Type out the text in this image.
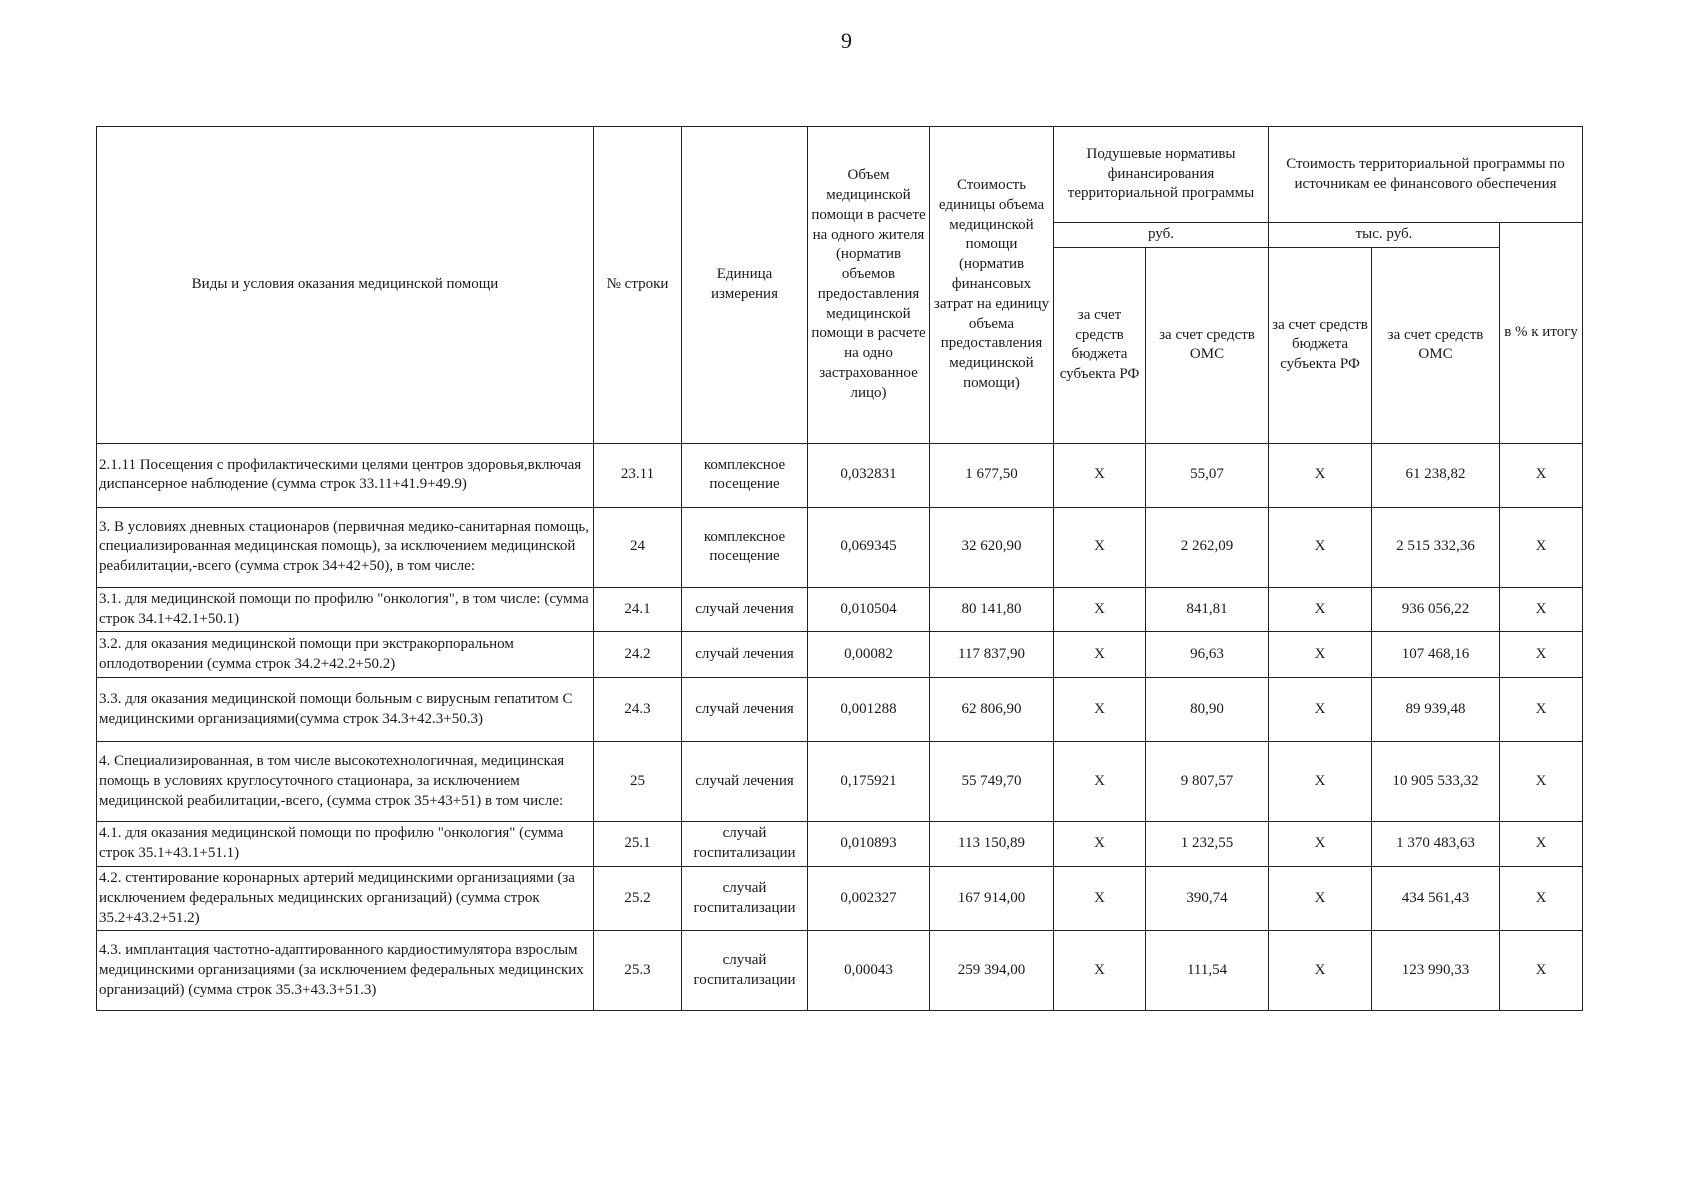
9
Виды и условия оказания медицинской помощи	№ строки	Единица измерения	Объем медицинской помощи в расчете на одного жителя (норматив объемов предоставления медицинской помощи в расчете на одно застрахованное лицо)	Стоимость единицы объема медицинской помощи (норматив финансовых затрат на единицу объема предоставления медицинской помощи)	Подушевые нормативы финансирования территориальной программы		Стоимость территориальной программы по источникам ее финансового обеспечения		
					руб.		тыс. руб.		в % к итогу
					за счет средств бюджета субъекта РФ	за счет средств ОМС	за счет средств бюджета субъекта РФ	за счет средств ОМС	
2.1.11 Посещения с профилактическими целями центров здоровья,включая диспансерное наблюдение (сумма строк 33.11+41.9+49.9)	23.11	комплексное посещение	0,032831	1 677,50	X	55,07	X	61 238,82	X
3. В условиях дневных стационаров (первичная медико-санитарная помощь, специализированная медицинская помощь), за исключением медицинской реабилитации,-всего (сумма строк 34+42+50), в том числе:	24	комплексное посещение	0,069345	32 620,90	X	2 262,09	X	2 515 332,36	X
3.1. для медицинской помощи по профилю "онкология", в том числе: (сумма строк 34.1+42.1+50.1)	24.1	случай лечения	0,010504	80 141,80	X	841,81	X	936 056,22	X
3.2. для оказания медицинской помощи при экстракорпоральном оплодотворении (сумма строк 34.2+42.2+50.2)	24.2	случай лечения	0,00082	117 837,90	X	96,63	X	107 468,16	X
3.3. для оказания медицинской помощи больным с вирусным гепатитом С медицинскими организациями(сумма строк 34.3+42.3+50.3)	24.3	случай лечения	0,001288	62 806,90	X	80,90	X	89 939,48	X
4. Специализированная, в том числе высокотехнологичная, медицинская помощь в условиях круглосуточного стационара, за исключением медицинской реабилитации,-всего, (сумма строк 35+43+51) в том числе:	25	случай лечения	0,175921	55 749,70	X	9 807,57	X	10 905 533,32	X
4.1. для оказания медицинской помощи по профилю "онкология" (сумма строк 35.1+43.1+51.1)	25.1	случай госпитализации	0,010893	113 150,89	X	1 232,55	X	1 370 483,63	X
4.2. стентирование коронарных артерий медицинскими организациями (за исключением федеральных медицинских организаций) (сумма строк 35.2+43.2+51.2)	25.2	случай госпитализации	0,002327	167 914,00	X	390,74	X	434 561,43	X
4.3. имплантация частотно-адаптированного кардиостимулятора взрослым медицинскими организациями (за исключением федеральных медицинских организаций) (сумма строк 35.3+43.3+51.3)	25.3	случай госпитализации	0,00043	259 394,00	X	111,54	X	123 990,33	X
